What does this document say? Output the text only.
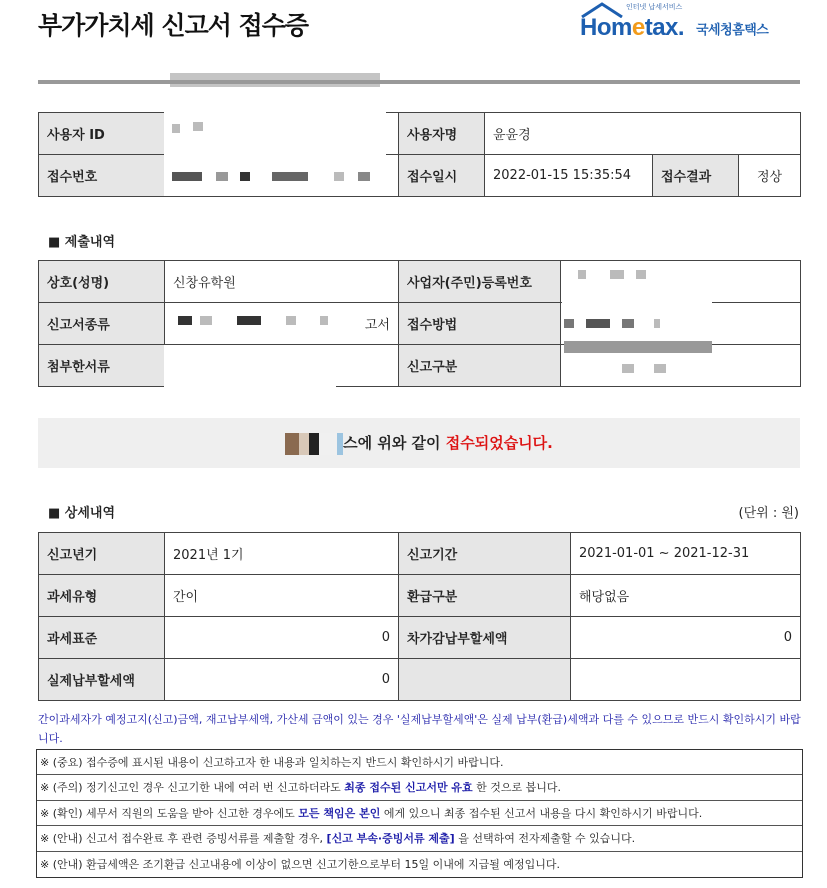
부가가치세 신고서 접수증
인터넷 납세서비스
Hometax. 국세청홈택스
사용자 ID		사용자명	윤윤경		
접수번호		접수일시	2022-01-15 15:35:54	접수결과	정상
■ 제출내역
상호(성명)	신창유학원	사업자(주민)등록번호	
신고서종류	고서	접수방법	
첨부한서류		신고구분	
스에 위와 같이 접수되었습니다.
■ 상세내역	(단위 : 원)
신고년기	2021년 1기	신고기간	2021-01-01 ~ 2021-12-31
과세유형	간이	환급구분	해당없음
과세표준	0	차가감납부할세액	0
실제납부할세액	0		
간이과세자가 예정고지(신고)금액, 재고납부세액, 가산세 금액이 있는 경우 '실제납부할세액'은 실제 납부(환급)세액과 다를 수 있으므로 반드시 확인하시기 바랍니다.
※ (중요) 접수증에 표시된 내용이 신고하고자 한 내용과 일치하는지 반드시 확인하시기 바랍니다.
※ (주의) 정기신고인 경우 신고기한 내에 여러 번 신고하더라도 최종 접수된 신고서만 유효 한 것으로 봅니다.
※ (확인) 세무서 직원의 도움을 받아 신고한 경우에도 모든 책임은 본인 에게 있으니 최종 접수된 신고서 내용을 다시 확인하시기 바랍니다.
※ (안내) 신고서 접수완료 후 관련 증빙서류를 제출할 경우, [신고 부속·증빙서류 제출] 을 선택하여 전자제출할 수 있습니다.
※ (안내) 환급세액은 조기환급 신고내용에 이상이 없으면 신고기한으로부터 15일 이내에 지급될 예정입니다.
